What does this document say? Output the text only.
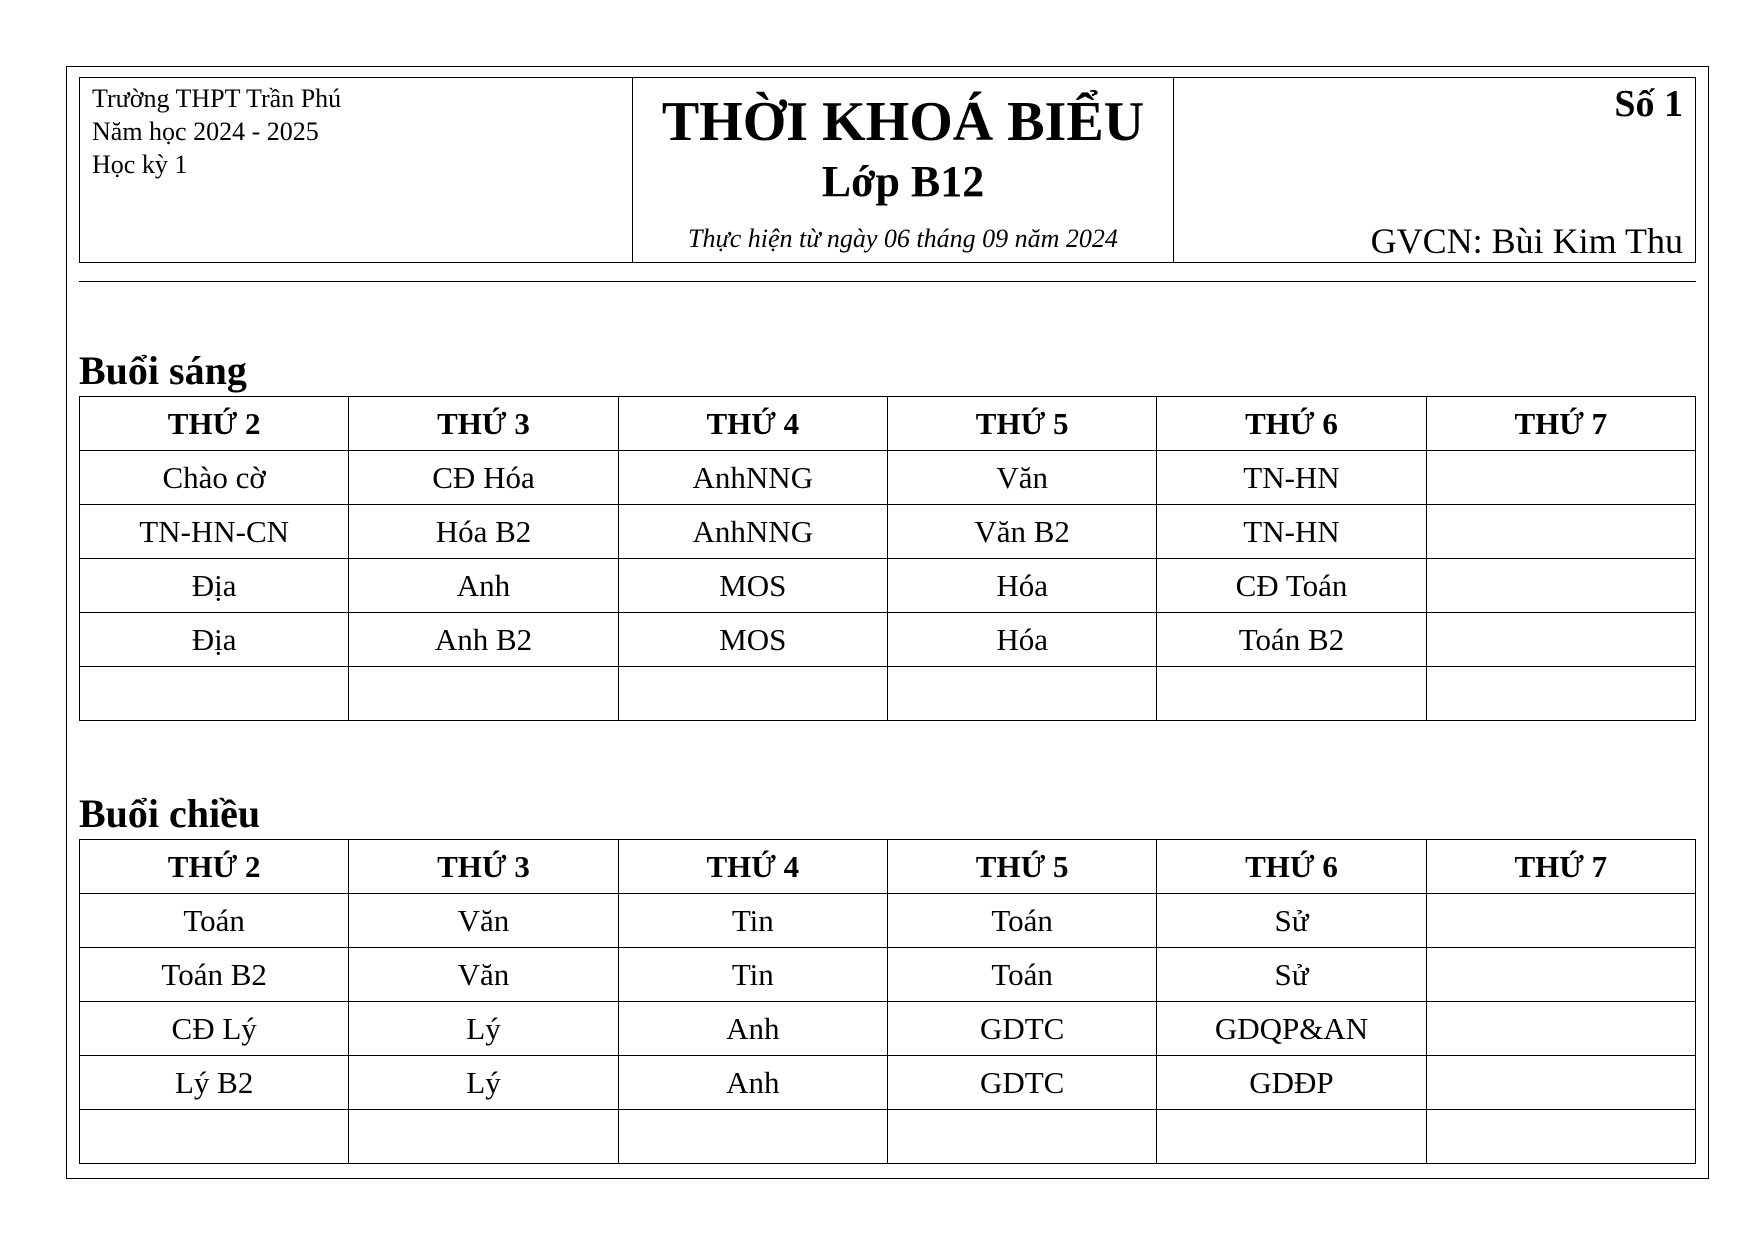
Trường THPT Trần Phú
Năm học 2024 - 2025
Học kỳ 1

THỜI KHOÁ BIỂU
Lớp B12
Thực hiện từ ngày 06 tháng 09 năm 2024

Số 1
GVCN: Bùi Kim Thu
Buổi sáng
THỨ 2	THỨ 3	THỨ 4	THỨ 5	THỨ 6	THỨ 7
Chào cờ	CĐ Hóa	AnhNNG	Văn	TN-HN	
TN-HN-CN	Hóa B2	AnhNNG	Văn B2	TN-HN	
Địa	Anh	MOS	Hóa	CĐ Toán	
Địa	Anh B2	MOS	Hóa	Toán B2	

Buổi chiều
THỨ 2	THỨ 3	THỨ 4	THỨ 5	THỨ 6	THỨ 7
Toán	Văn	Tin	Toán	Sử	
Toán B2	Văn	Tin	Toán	Sử	
CĐ Lý	Lý	Anh	GDTC	GDQP&AN	
Lý B2	Lý	Anh	GDTC	GDĐP	
